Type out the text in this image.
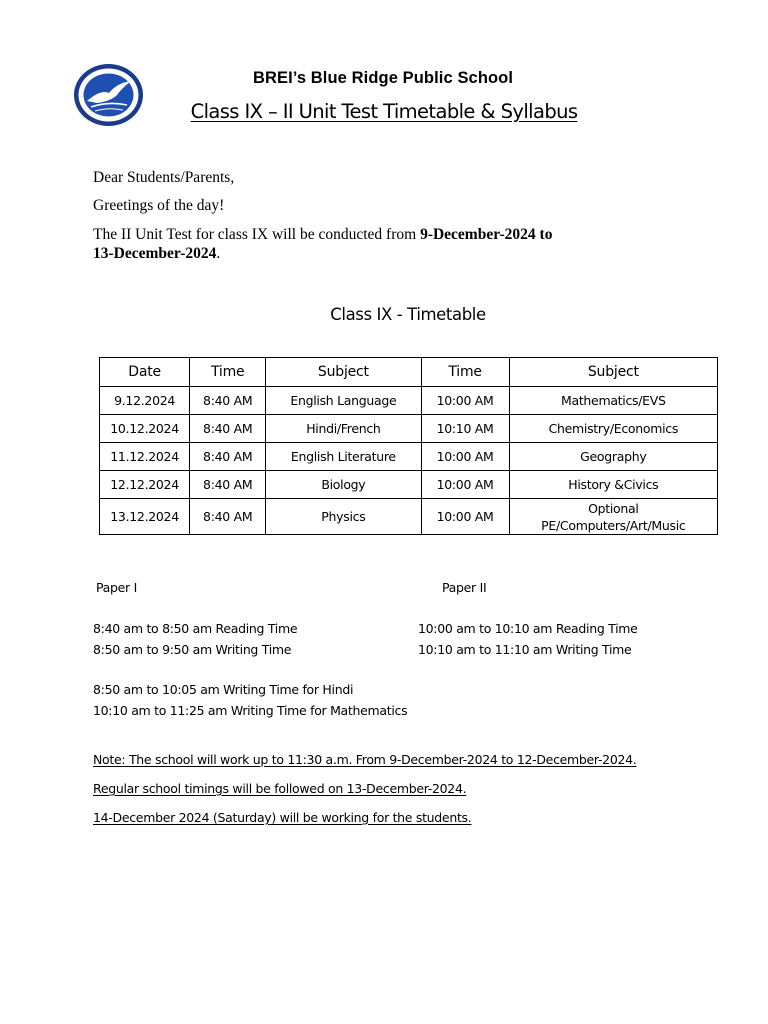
BREI’s Blue Ridge Public School
Class IX – II Unit Test Timetable & Syllabus

Dear Students/Parents,

Greetings of the day!

The II Unit Test for class IX will be conducted from 9-December-2024 to
13-December-2024.

Class IX - Timetable
Date	Time	Subject	Time	Subject
9.12.2024	8:40 AM	English Language	10:00 AM	Mathematics/EVS
10.12.2024	8:40 AM	Hindi/French	10:10 AM	Chemistry/Economics
11.12.2024	8:40 AM	English Literature	10:00 AM	Geography
12.12.2024	8:40 AM	Biology	10:00 AM	History &Civics
13.12.2024	8:40 AM	Physics	10:00 AM	Optional
PE/Computers/Art/Music
Paper I	Paper II
8:40 am to 8:50 am Reading Time
8:50 am to 9:50 am Writing Time
10:00 am to 10:10 am Reading Time
10:10 am to 11:10 am Writing Time
8:50 am to 10:05 am Writing Time for Hindi
10:10 am to 11:25 am Writing Time for Mathematics
Note: The school will work up to 11:30 a.m. From 9-December-2024 to 12-December-2024.
Regular school timings will be followed on 13-December-2024.
14-December 2024 (Saturday) will be working for the students.
